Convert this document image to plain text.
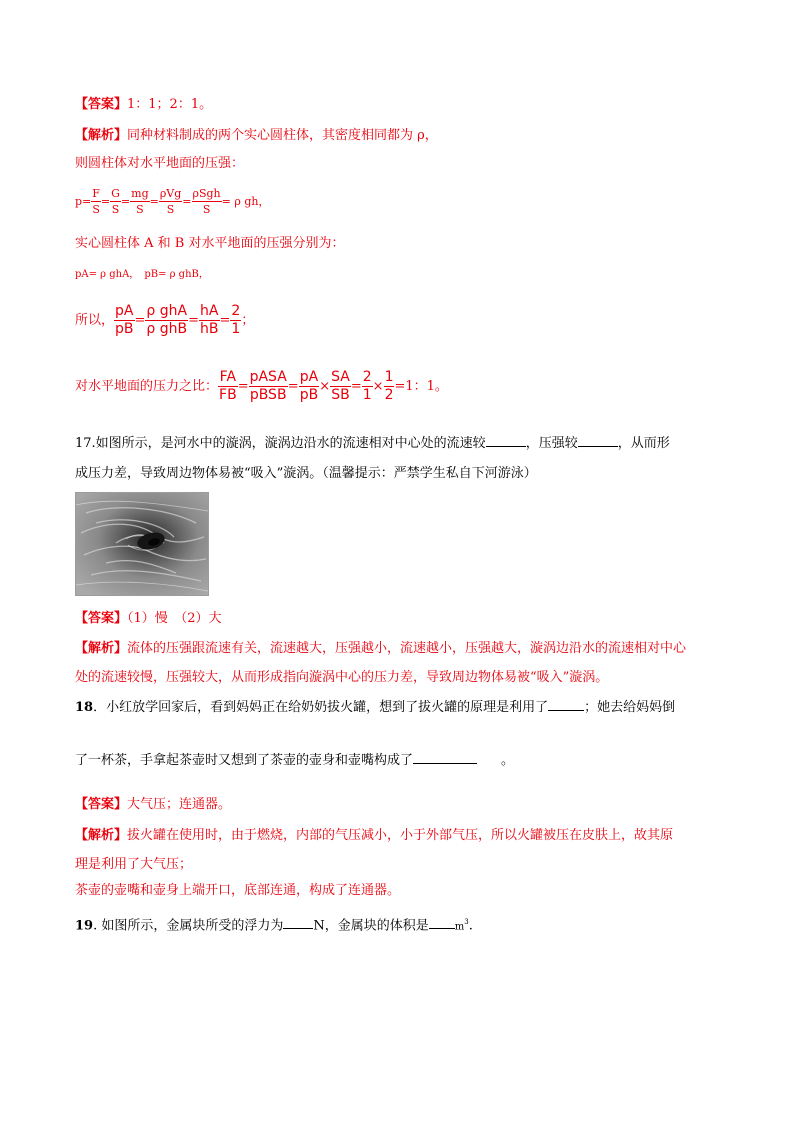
【答案】1：1；2：1。
【解析】同种材料制成的两个实心圆柱体，其密度相同都为 ρ，
则圆柱体对水平地面的压强：
$p= \frac{F}{S} = \frac{G}{S} = \frac{mg}{S} = \frac{\text{ρVg}}{S} = \frac{\text{ρSgh}}{S} = \rho$ gh，
实心圆柱体 A 和 B 对水平地面的压强分别为：
pA= ρ ghA，　 pB= ρ ghB，
所以， $\frac{pA}{pB} = \frac{\text{ρ ghA}}{\text{ρ ghB}} = \frac{hA}{hB} = \frac{2}{1}$ ；
对水平地面的压力之比： $\frac{FA}{FB} = \frac{\text{pASA}}{\text{pBSB}} = \frac{pA}{pB} \times \frac{SA}{SB} = \frac{2}{1} \times \frac{1}{2} =1$：1。
17.如图所示，是河水中的漩涡，漩涡边沿水的流速相对中心处的流速较	，压强较	，从而形
成压力差，导致周边物体易被“吸入”漩涡。（温馨提示：严禁学生私自下河游泳）
【答案】（1）慢　（2）大
【解析】流体的压强跟流速有关，流速越大，压强越小，流速越小，压强越大，漩涡边沿水的流速相对中心
处的流速较慢，压强较大，从而形成指向漩涡中心的压力差，导致周边物体易被“吸入”漩涡。
18．小红放学回家后，看到妈妈正在给奶奶拔火罐，想到了拔火罐的原理是利用了	；她去给妈妈倒
了一杯茶，手拿起茶壶时又想到了茶壶的壶身和壶嘴构成了	。
【答案】大气压；连通器。
【解析】拔火罐在使用时，由于燃烧，内部的气压减小，小于外部气压，所以火罐被压在皮肤上，故其原
理是利用了大气压；
茶壶的壶嘴和壶身上端开口，底部连通，构成了连通器。
19. 如图所示，金属块所受的浮力为 N，金属块的体积是	$m^3$.
